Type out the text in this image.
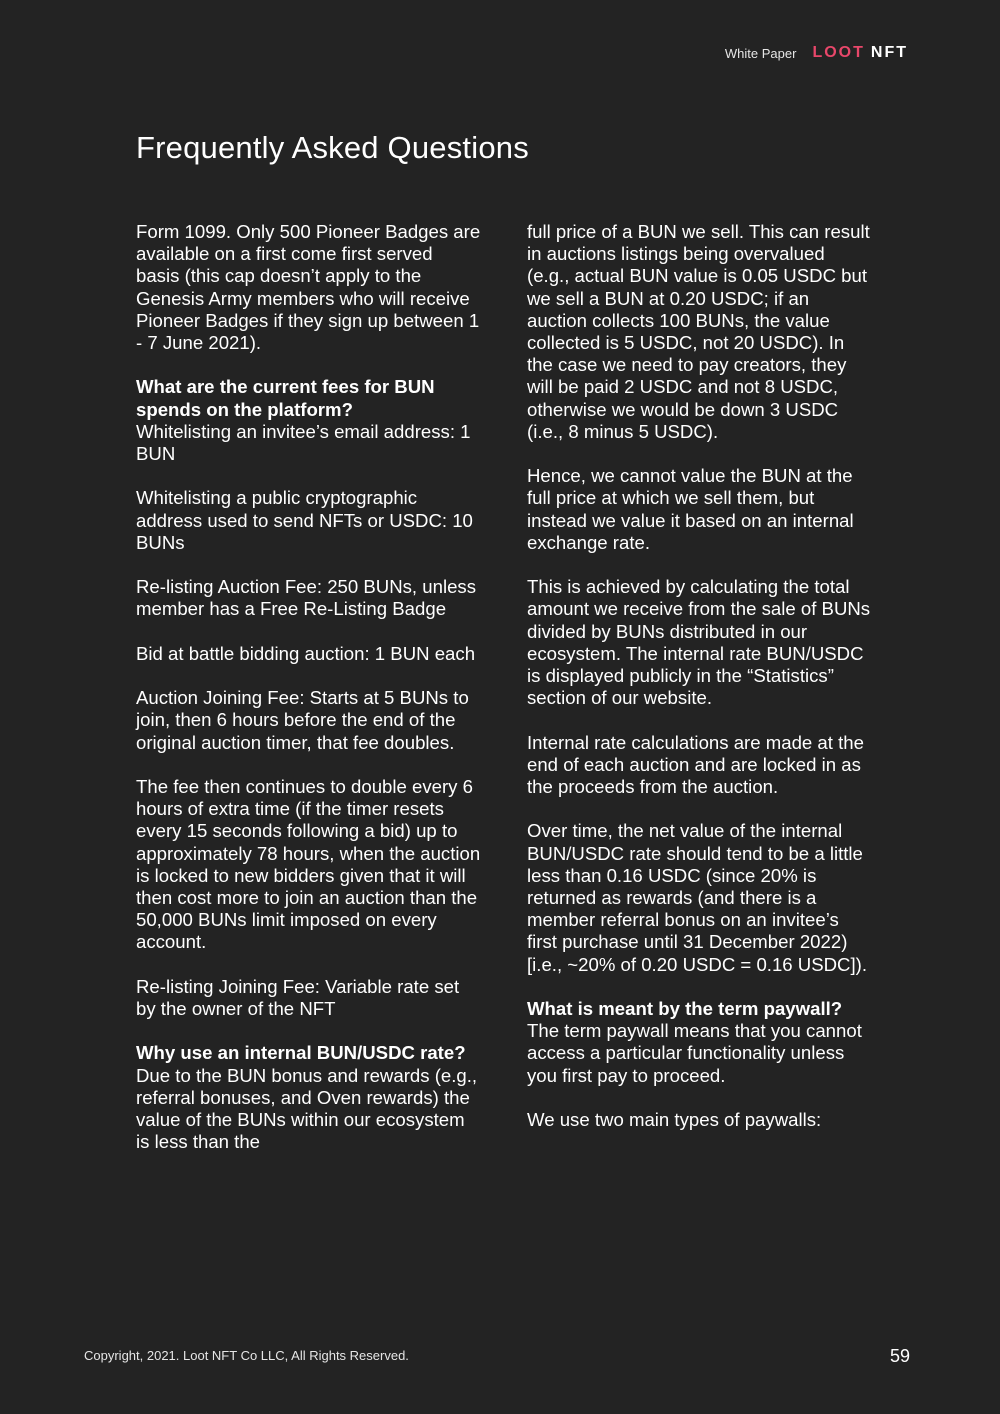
White Paper LOOT NFT
Frequently Asked Questions

Form 1099. Only 500 Pioneer Badges are available on a first come first served basis (this cap doesn’t apply to the Genesis Army members who will receive Pioneer Badges if they sign up between 1 - 7 June 2021).

What are the current fees for BUN spends on the platform?
Whitelisting an invitee’s email address: 1 BUN

Whitelisting a public cryptographic address used to send NFTs or USDC: 10 BUNs

Re-listing Auction Fee: 250 BUNs, unless member has a Free Re-Listing Badge

Bid at battle bidding auction: 1 BUN each

Auction Joining Fee: Starts at 5 BUNs to join, then 6 hours before the end of the original auction timer, that fee doubles.

The fee then continues to double every 6 hours of extra time (if the timer resets every 15 seconds following a bid) up to approximately 78 hours, when the auction is locked to new bidders given that it will then cost more to join an auction than the 50,000 BUNs limit imposed on every account.

Re-listing Joining Fee: Variable rate set by the owner of the NFT

Why use an internal BUN/USDC rate?
Due to the BUN bonus and rewards (e.g., referral bonuses, and Oven rewards) the value of the BUNs within our ecosystem is less than the

full price of a BUN we sell. This can result in auctions listings being overvalued (e.g., actual BUN value is 0.05 USDC but we sell a BUN at 0.20 USDC; if an auction collects 100 BUNs, the value collected is 5 USDC, not 20 USDC). In the case we need to pay creators, they will be paid 2 USDC and not 8 USDC, otherwise we would be down 3 USDC (i.e., 8 minus 5 USDC).

Hence, we cannot value the BUN at the full price at which we sell them, but instead we value it based on an internal exchange rate.

This is achieved by calculating the total amount we receive from the sale of BUNs divided by BUNs distributed in our ecosystem. The internal rate BUN/USDC is displayed publicly in the “Statistics” section of our website.

Internal rate calculations are made at the end of each auction and are locked in as the proceeds from the auction.

Over time, the net value of the internal BUN/USDC rate should tend to be a little less than 0.16 USDC (since 20% is returned as rewards (and there is a member referral bonus on an invitee’s first purchase until 31 December 2022) [i.e., ~20% of 0.20 USDC = 0.16 USDC]).

What is meant by the term paywall?
The term paywall means that you cannot access a particular functionality unless you first pay to proceed.

We use two main types of paywalls:

Copyright, 2021. Loot NFT Co LLC, All Rights Reserved.	59
